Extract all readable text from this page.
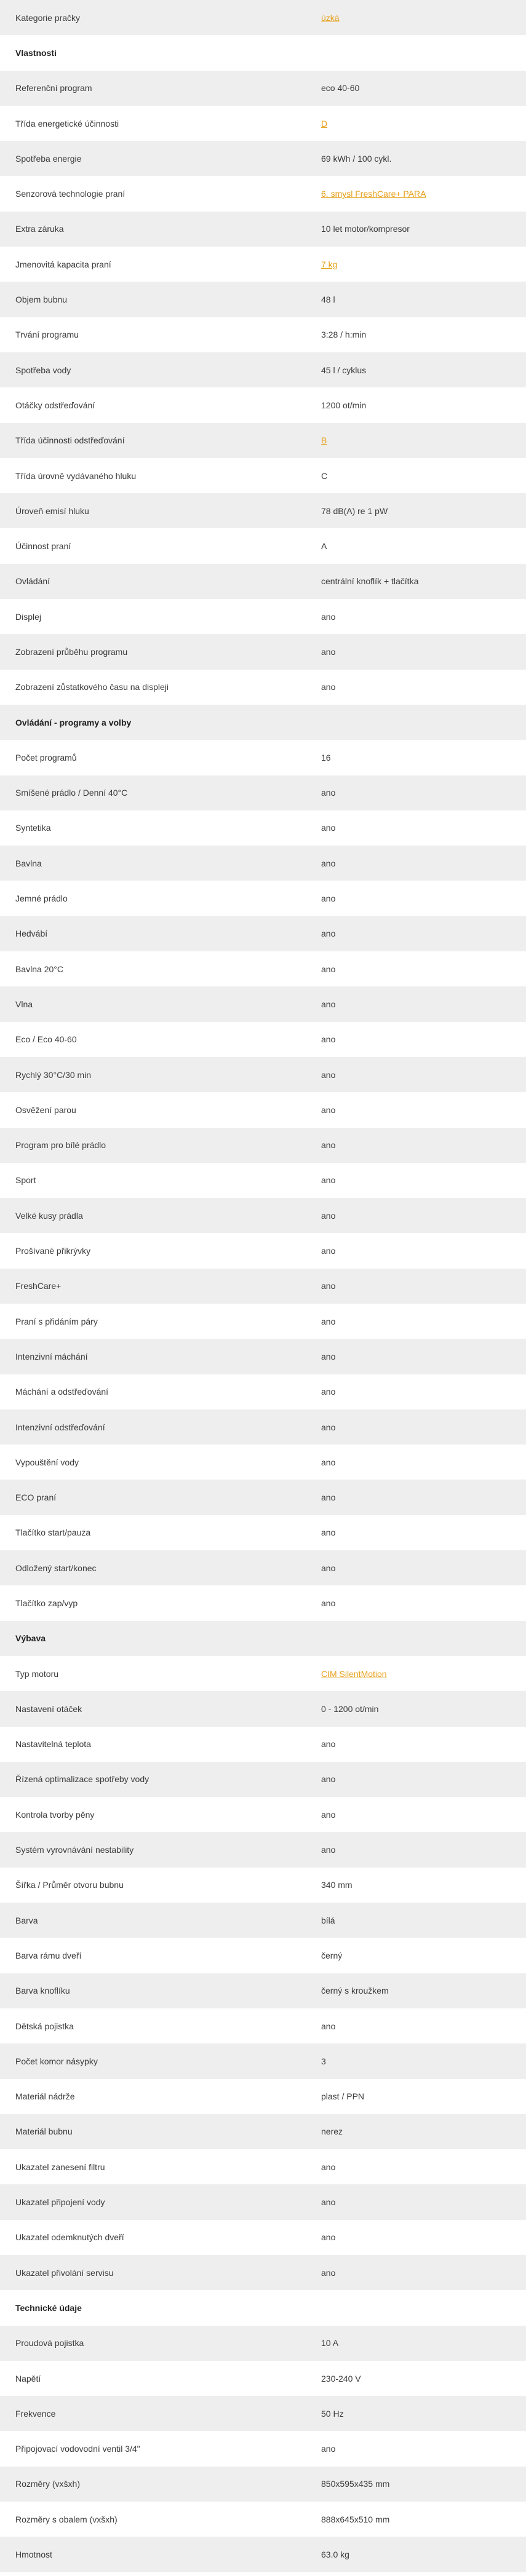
Kategorie pračky	úzká
Vlastnosti
Referenční program	eco 40-60
Třída energetické účinnosti	D
Spotřeba energie	69 kWh / 100 cykl.
Senzorová technologie praní	6. smysl FreshCare+ PARA
Extra záruka	10 let motor/kompresor
Jmenovitá kapacita praní	7 kg
Objem bubnu	48 l
Trvání programu	3:28 / h:min
Spotřeba vody	45 l / cyklus
Otáčky odstřeďování	1200 ot/min
Třída účinnosti odstřeďování	B
Třída úrovně vydávaného hluku	C
Úroveň emisí hluku	78 dB(A) re 1 pW
Účinnost praní	A
Ovládání	centrální knoflík + tlačítka
Displej	ano
Zobrazení průběhu programu	ano
Zobrazení zůstatkového času na displeji	ano
Ovládání - programy a volby
Počet programů	16
Smíšené prádlo / Denní 40°C	ano
Syntetika	ano
Bavlna	ano
Jemné prádlo	ano
Hedvábí	ano
Bavlna 20°C	ano
Vlna	ano
Eco / Eco 40-60	ano
Rychlý 30°C/30 min	ano
Osvěžení parou	ano
Program pro bílé prádlo	ano
Sport	ano
Velké kusy prádla	ano
Prošívané přikrývky	ano
FreshCare+	ano
Praní s přidáním páry	ano
Intenzivní máchání	ano
Máchání a odstřeďování	ano
Intenzivní odstřeďování	ano
Vypouštění vody	ano
ECO praní	ano
Tlačítko start/pauza	ano
Odložený start/konec	ano
Tlačítko zap/vyp	ano
Výbava
Typ motoru	CIM SilentMotion
Nastavení otáček	0 - 1200 ot/min
Nastavitelná teplota	ano
Řízená optimalizace spotřeby vody	ano
Kontrola tvorby pěny	ano
Systém vyrovnávání nestability	ano
Šířka / Průměr otvoru bubnu	340 mm
Barva	bílá
Barva rámu dveří	černý
Barva knoflíku	černý s kroužkem
Dětská pojistka	ano
Počet komor násypky	3
Materiál nádrže	plast / PPN
Materiál bubnu	nerez
Ukazatel zanesení filtru	ano
Ukazatel připojení vody	ano
Ukazatel odemknutých dveří	ano
Ukazatel přivolání servisu	ano
Technické údaje
Proudová pojistka	10 A
Napětí	230-240 V
Frekvence	50 Hz
Připojovací vodovodní ventil 3/4"	ano
Rozměry (vxšxh)	850x595x435 mm
Rozměry s obalem (vxšxh)	888x645x510 mm
Hmotnost	63.0 kg
